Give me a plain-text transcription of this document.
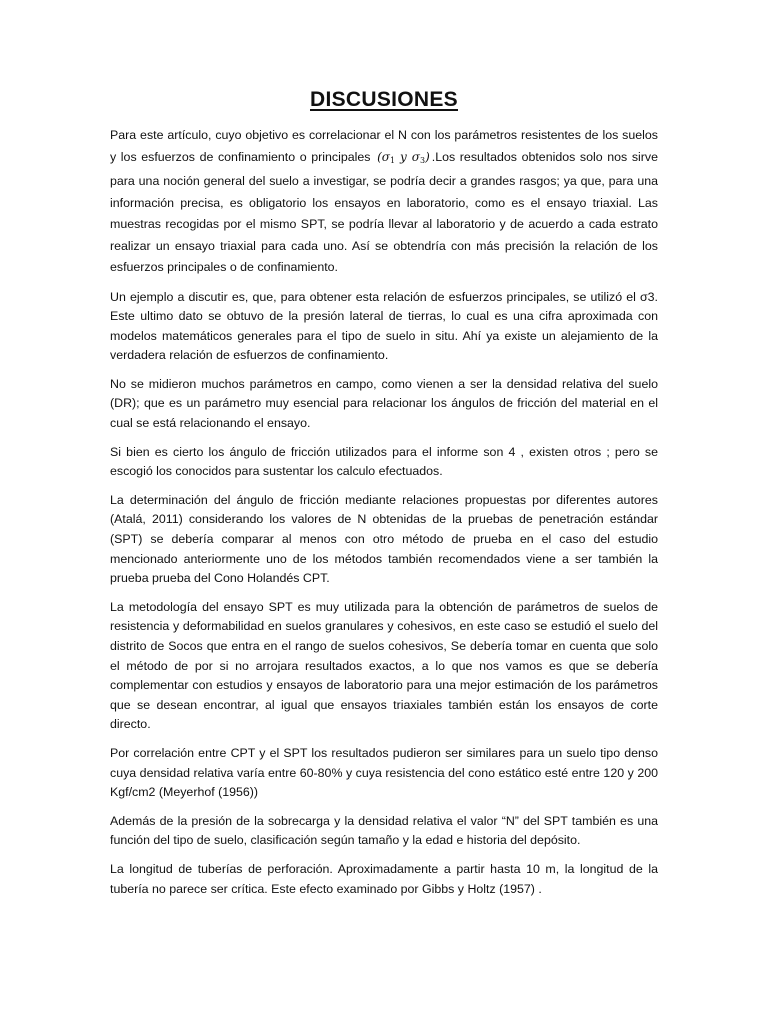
DISCUSIONES

Para este artículo, cuyo objetivo es correlacionar el N con los parámetros resistentes de los suelos y los esfuerzos de confinamiento o principales ($\sigma_1$ y $\sigma_3$) .Los resultados obtenidos solo nos sirve para una noción general del suelo a investigar, se podría decir a grandes rasgos; ya que, para una información precisa, es obligatorio los ensayos en laboratorio, como es el ensayo triaxial. Las muestras recogidas por el mismo SPT, se podría llevar al laboratorio y de acuerdo a cada estrato realizar un ensayo triaxial para cada uno. Así se obtendría con más precisión la relación de los esfuerzos principales o de confinamiento.

Un ejemplo a discutir es, que, para obtener esta relación de esfuerzos principales, se utilizó el σ3. Este ultimo dato se obtuvo de la presión lateral de tierras, lo cual es una cifra aproximada con modelos matemáticos generales para el tipo de suelo in situ. Ahí ya existe un alejamiento de la verdadera relación de esfuerzos de confinamiento.

No se midieron muchos parámetros en campo, como vienen a ser la densidad relativa del suelo (DR); que es un parámetro muy esencial para relacionar los ángulos de fricción del material en el cual se está relacionando el ensayo.

Si bien es cierto los ángulo de fricción utilizados para el informe son 4 , existen otros ; pero se escogió los conocidos para sustentar los calculo efectuados.

La determinación del ángulo de fricción mediante relaciones propuestas por diferentes autores (Atalá, 2011) considerando los valores de N obtenidas de la pruebas de penetración estándar (SPT) se debería comparar al menos con otro método de prueba en el caso del estudio mencionado anteriormente uno de los métodos también recomendados viene a ser también la prueba prueba del Cono Holandés CPT.

La metodología del ensayo SPT es muy utilizada para la obtención de parámetros de suelos de resistencia y deformabilidad en suelos granulares y cohesivos, en este caso se estudió el suelo del distrito de Socos que entra en el rango de suelos cohesivos, Se debería tomar en cuenta que solo el método de por si no arrojara resultados exactos, a lo que nos vamos es que se debería complementar con estudios y ensayos de laboratorio para una mejor estimación de los parámetros que se desean encontrar, al igual que ensayos triaxiales también están los ensayos de corte directo.

Por correlación entre CPT y el SPT los resultados pudieron ser similares para un suelo tipo denso cuya densidad relativa varía entre 60-80% y cuya resistencia del cono estático esté entre 120 y 200 Kgf/cm2 (Meyerhof (1956))

Además de la presión de la sobrecarga y la densidad relativa el valor “N” del SPT también es una función del tipo de suelo, clasificación según tamaño y la edad e historia del depósito.

La longitud de tuberías de perforación. Aproximadamente a partir hasta 10 m, la longitud de la tubería no parece ser crítica. Este efecto examinado por Gibbs y Holtz (1957) .
